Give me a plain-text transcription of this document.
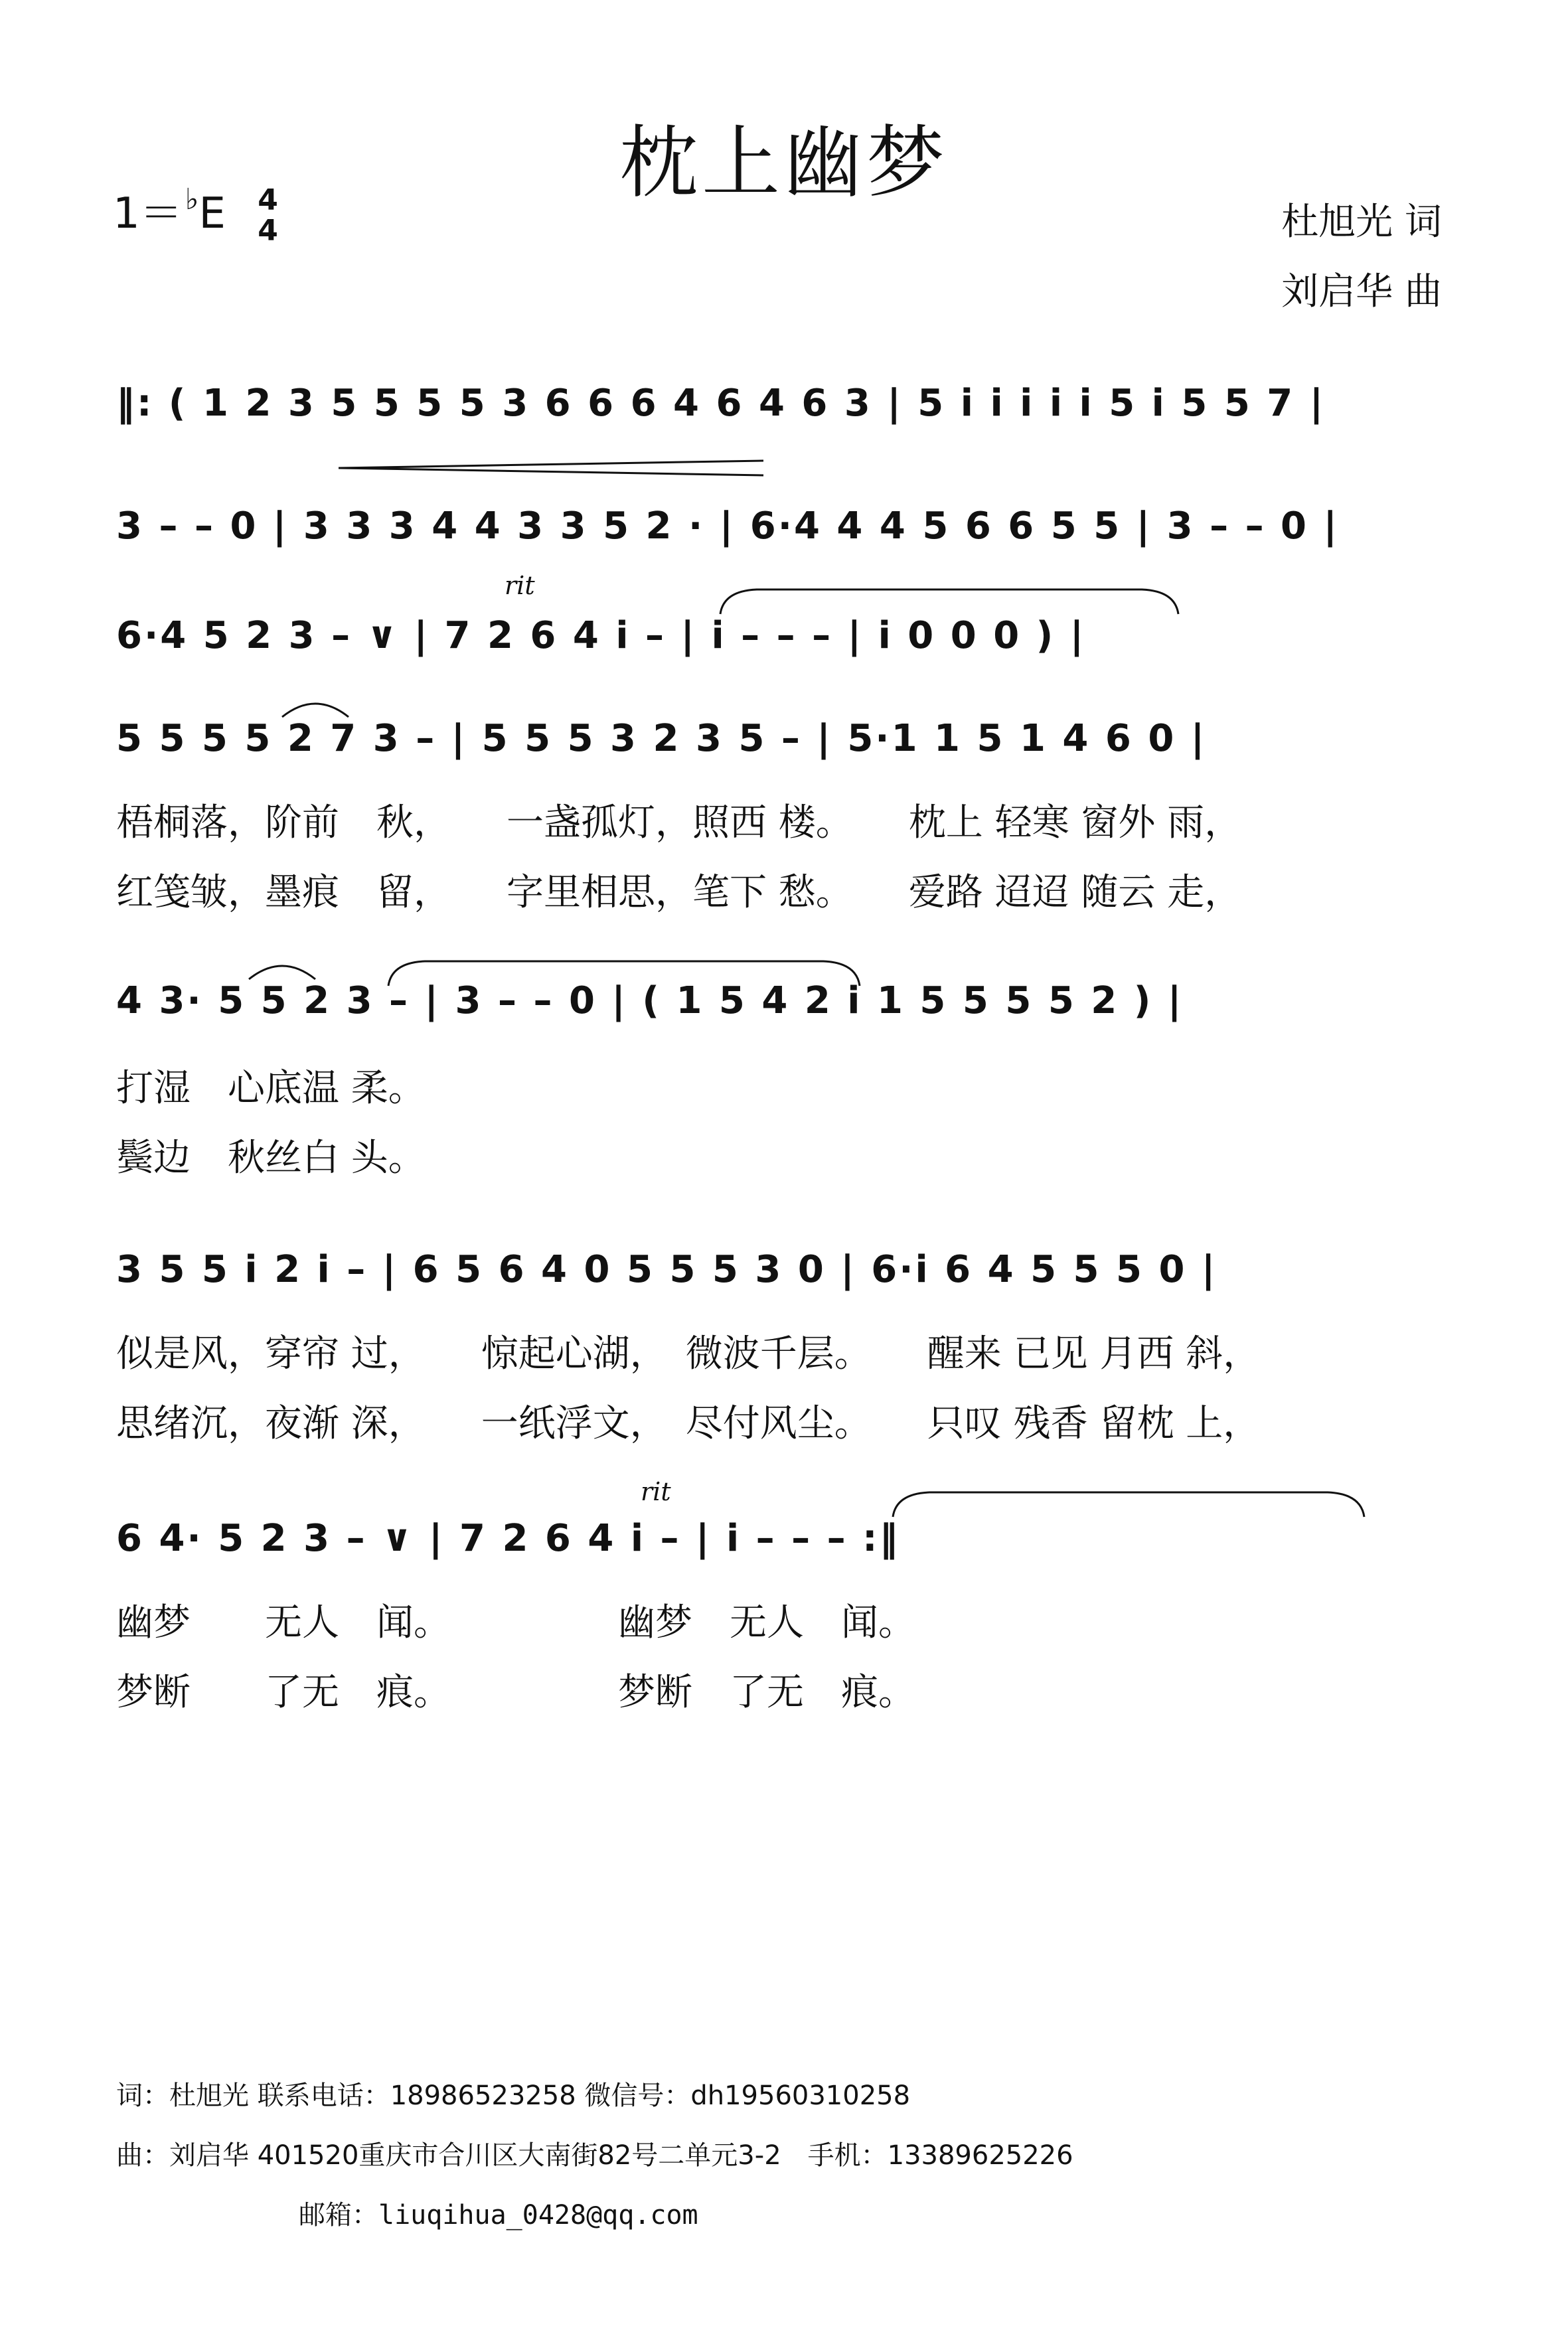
枕上幽梦
1＝♭E 4
4	杜旭光 词
刘启华 曲
‖: ( 1 2 3 5 5 5 5 3 6 6 6 4 6 4 6 3 | 5 i i i i i 5 i 5 5 7 |
3 – – 0 | 3 3 3 4 4 3 3 5 2 · | 6·4 4 4 5 6 6 5 5 | 3 – – 0 |
rit
6·4 5 2 3 – ∨ | 7 2 6 4 i – | i – – – | i 0 0 0 ) |
5 5 5 5 2 7 3 – | 5 5 5 3 2 3 5 – | 5·1 1 5 1 4 6 0 |
梧桐落，阶前　秋，　　一盏孤灯，照西 楼。　　枕上 轻寒 窗外 雨，
红笺皱，墨痕　留，　　字里相思，笔下 愁。　　爱路 迢迢 随云 走，
4 3· 5 5 2 3 – | 3 – – 0 | ( 1 5 4 2 i 1 5 5 5 5 2 ) |
打湿　心底温 柔。
鬓边　秋丝白 头。
3 5 5 i 2 i – | 6 5 6 4 0 5 5 5 3 0 | 6·i 6 4 5 5 5 0 |
似是风，穿帘 过，　　惊起心湖，　微波千层。　　醒来 已见 月西 斜，
思绪沉，夜渐 深，　　一纸浮文，　尽付风尘。　　只叹 残香 留枕 上，
rit
6 4· 5 2 3 – ∨ | 7 2 6 4 i – | i – – – :‖
幽梦　　无人　闻。　　　　　幽梦　无人　闻。
梦断　　了无　痕。　　　　　梦断　了无　痕。
词：杜旭光 联系电话：18986523258 微信号：dh19560310258
曲：刘启华 401520重庆市合川区大南街82号二单元3-2　手机：13389625226
邮箱：liuqihua_0428@qq.com
